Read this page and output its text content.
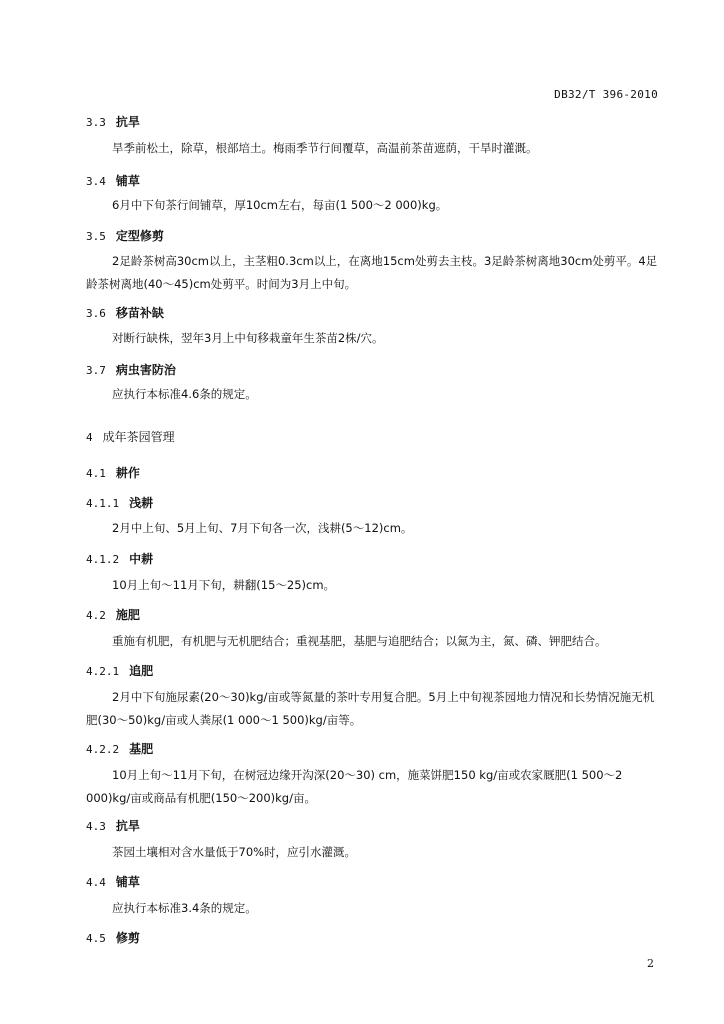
DB32/T 396-2010
3.3 抗旱
旱季前松土，除草，根部培土。梅雨季节行间覆草，高温前茶苗遮荫，干旱时灌溉。
3.4 铺草
6月中下旬茶行间铺草，厚10cm左右，每亩(1 500～2 000)kg。
3.5 定型修剪
2足龄茶树高30cm以上，主茎粗0.3cm以上，在离地15cm处剪去主枝。3足龄茶树离地30cm处剪平。4足龄茶树离地(40～45)cm处剪平。时间为3月上中旬。
3.6 移苗补缺
对断行缺株，翌年3月上中旬移栽童年生茶苗2株/穴。
3.7 病虫害防治
应执行本标准4.6条的规定。
4 成年茶园管理
4.1 耕作
4.1.1 浅耕
2月中上旬、5月上旬、7月下旬各一次，浅耕(5～12)cm。
4.1.2 中耕
10月上旬～11月下旬，耕翻(15～25)cm。
4.2 施肥
重施有机肥，有机肥与无机肥结合；重视基肥，基肥与追肥结合；以氮为主，氮、磷、钾肥结合。
4.2.1 追肥
2月中下旬施尿素(20～30)kg/亩或等氮量的茶叶专用复合肥。5月上中旬视茶园地力情况和长势情况施无机肥(30～50)kg/亩或人粪尿(1 000～1 500)kg/亩等。
4.2.2 基肥
10月上旬～11月下旬，在树冠边缘开沟深(20～30) cm，施菜饼肥150 kg/亩或农家厩肥(1 500～2 000)kg/亩或商品有机肥(150～200)kg/亩。
4.3 抗旱
茶园土壤相对含水量低于70%时，应引水灌溉。
4.4 铺草
应执行本标准3.4条的规定。
4.5 修剪
2
